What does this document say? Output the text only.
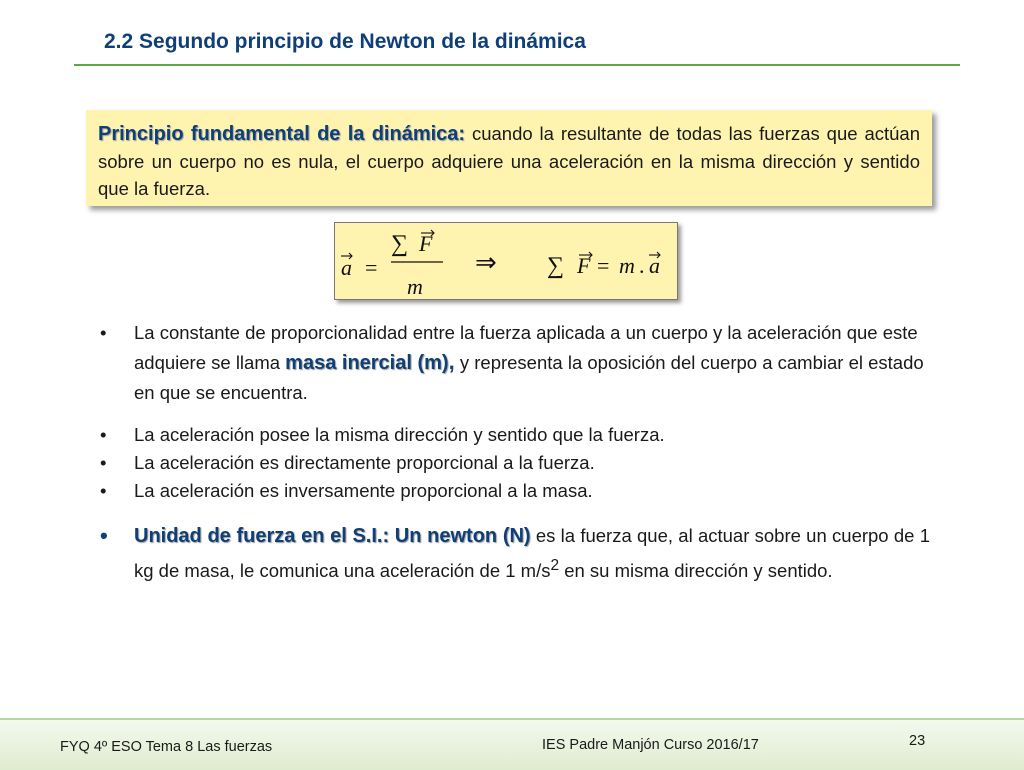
2.2 Segundo principio de Newton de la dinámica
Principio fundamental de la dinámica: cuando la resultante de todas las fuerzas que actúan sobre un cuerpo no es nula, el cuerpo adquiere una aceleración en la misma dirección y sentido que la fuerza.
a =
∑ F
m
⇒ ∑ F = m . a

• La constante de proporcionalidad entre la fuerza aplicada a un cuerpo y la aceleración que este adquiere se llama masa inercial (m), y representa la oposición del cuerpo a cambiar el estado en que se encuentra.

• La aceleración posee la misma dirección y sentido que la fuerza.

• La aceleración es directamente proporcional a la fuerza.

• La aceleración es inversamente proporcional a la masa.

• Unidad de fuerza en el S.I.: Un newton (N) es la fuerza que, al actuar sobre un cuerpo de 1 kg de masa, le comunica una aceleración de 1 $m/s^2$ en su misma dirección y sentido.

FYQ 4º ESO Tema 8 Las fuerzas	IES Padre Manjón Curso 2016/17	23
